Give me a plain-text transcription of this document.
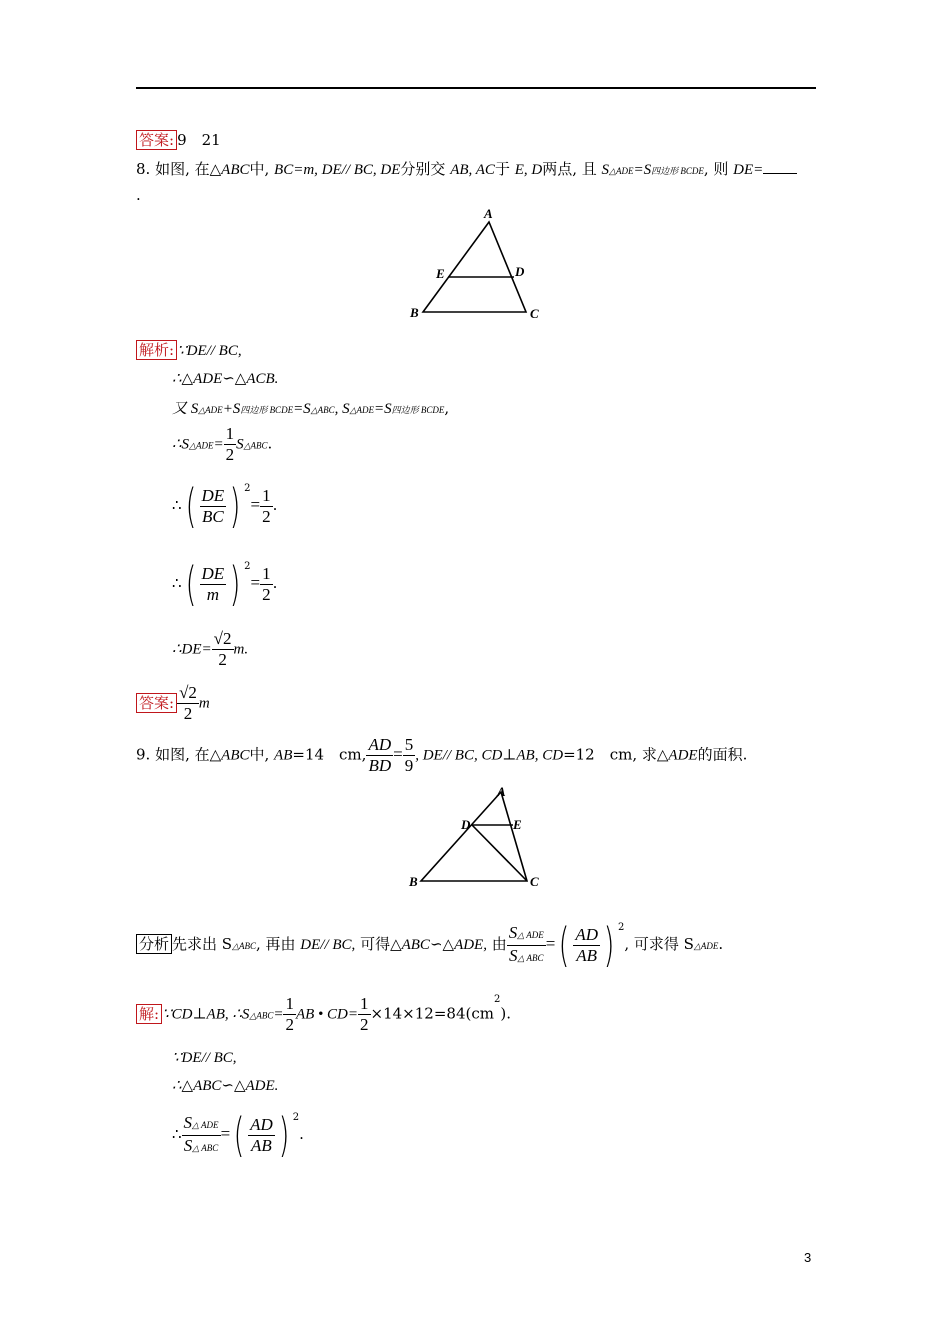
答案: 9　21
8. 如图, 在△ABC中, BC=m, DE// BC, DE分别交 AB, AC于 E, D两点, 且 S△ADE=S四边形 BCDE, 则 DE=
.
A
E	D
B	C
解析: ∵DE// BC,
∴△ADE∽△ACB.
又 S△ADE+S四边形 BCDE=S△ABC, S△ADE=S四边形 BCDE,
∴S△ADE= $\frac{1}{2}$ S△ABC.
∴( $\frac{DE}{BC}$ ) $^2= \frac{1}{2}$ .
∴( $\frac{DE}{m}$ ) $^2= \frac{1}{2}$ .
∴DE= $\frac{√2}{2} m$.
答案: $\frac{√2}{2}$ m
9. 如图, 在△ABC中, AB=14　cm, $\frac{AD}{BD} = \frac{5}{9}$ , DE// BC, CD⊥AB, CD=12　cm, 求△ADE的面积.
A
D	E
B	C
分析 先求出 S△ABC, 再由 DE// BC, 可得△ABC∽△ADE, 由 $\frac{\text{S△ ADE}}{\text{S△ ABC}}$ =( $\frac{AD}{AB}$ ) $^2$, 可求得 S△ADE.
解: ∵CD⊥AB, ∴S△ABC= $\frac{1}{2}$ AB • $CD= \frac{1}{2} \times 14\times 12=84(cm^2)$.
∵DE// BC,
∴△ABC∽△ADE.
∴ $\frac{\text{S△ ADE}}{\text{S△ ABC}}$ =( $\frac{AD}{AB}$ ) $^2$.
3
